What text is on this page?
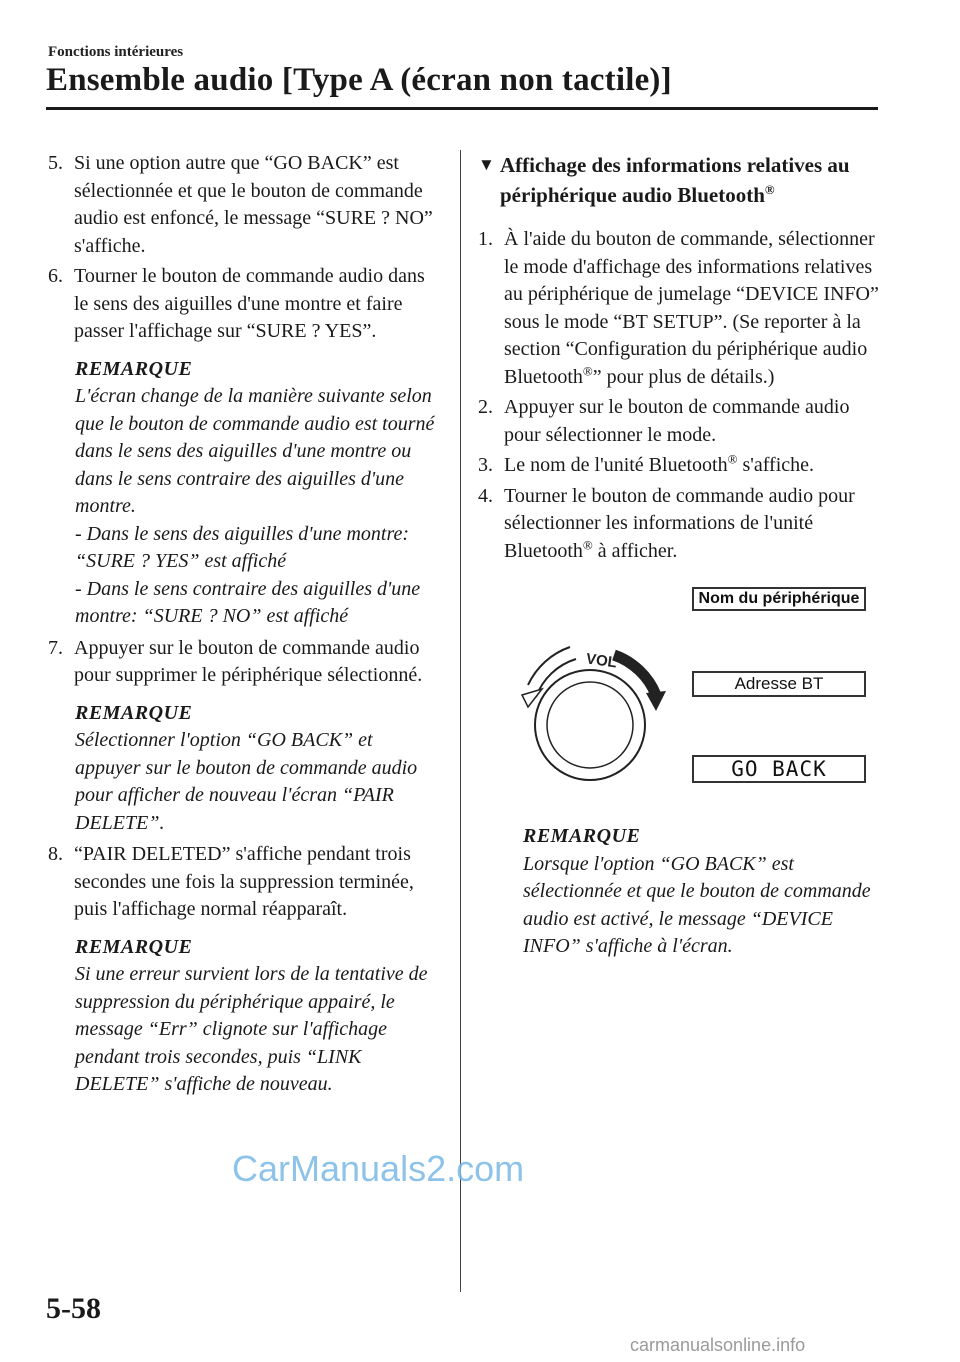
Fonctions intérieures
Ensemble audio [Type A (écran non tactile)]
5. Si une option autre que “GO BACK” est sélectionnée et que le bouton de commande audio est enfoncé, le message “SURE ? NO” s'affiche.
6. Tourner le bouton de commande audio dans le sens des aiguilles d'une montre et faire passer l'affichage sur “SURE ? YES”.
REMARQUE
L'écran change de la manière suivante selon que le bouton de commande audio est tourné dans le sens des aiguilles d'une montre ou dans le sens contraire des aiguilles d'une montre.
- Dans le sens des aiguilles d'une montre: “SURE ? YES” est affiché
- Dans le sens contraire des aiguilles d'une montre: “SURE ? NO” est affiché
7. Appuyer sur le bouton de commande audio pour supprimer le périphérique sélectionné.
REMARQUE
Sélectionner l'option “GO BACK” et appuyer sur le bouton de commande audio pour afficher de nouveau l'écran “PAIR DELETE”.
8. “PAIR DELETED” s'affiche pendant trois secondes une fois la suppression terminée, puis l'affichage normal réapparaît.
REMARQUE
Si une erreur survient lors de la tentative de suppression du périphérique appairé, le message “Err” clignote sur l'affichage pendant trois secondes, puis “LINK DELETE” s'affiche de nouveau.
▼ Affichage des informations relatives au périphérique audio Bluetooth®
1. À l'aide du bouton de commande, sélectionner le mode d'affichage des informations relatives au périphérique de jumelage “DEVICE INFO” sous le mode “BT SETUP”. (Se reporter à la section “Configuration du périphérique audio Bluetooth®” pour plus de détails.)
2. Appuyer sur le bouton de commande audio pour sélectionner le mode.
3. Le nom de l'unité Bluetooth® s'affiche.
4. Tourner le bouton de commande audio pour sélectionner les informations de l'unité Bluetooth® à afficher.
VOL
Nom du périphérique
Adresse BT
GO BACK
REMARQUE
Lorsque l'option “GO BACK” est sélectionnée et que le bouton de commande audio est activé, le message “DEVICE INFO” s'affiche à l'écran.
CarManuals2.com
5-58
carmanualsonline.info
